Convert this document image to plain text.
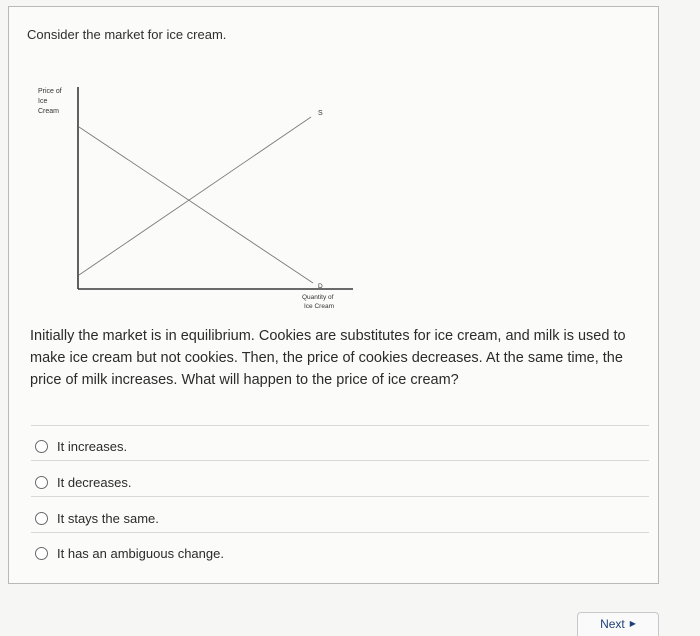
Consider the market for ice cream.
Price of
Ice
Cream	S
D
Quantity of
Ice Cream
Initially the market is in equilibrium. Cookies are substitutes for ice cream, and milk is used to make ice cream but not cookies. Then, the price of cookies decreases. At the same time, the price of milk increases. What will happen to the price of ice cream?
It increases.
It decreases.
It stays the same.
It has an ambiguous change.
Next ▶
